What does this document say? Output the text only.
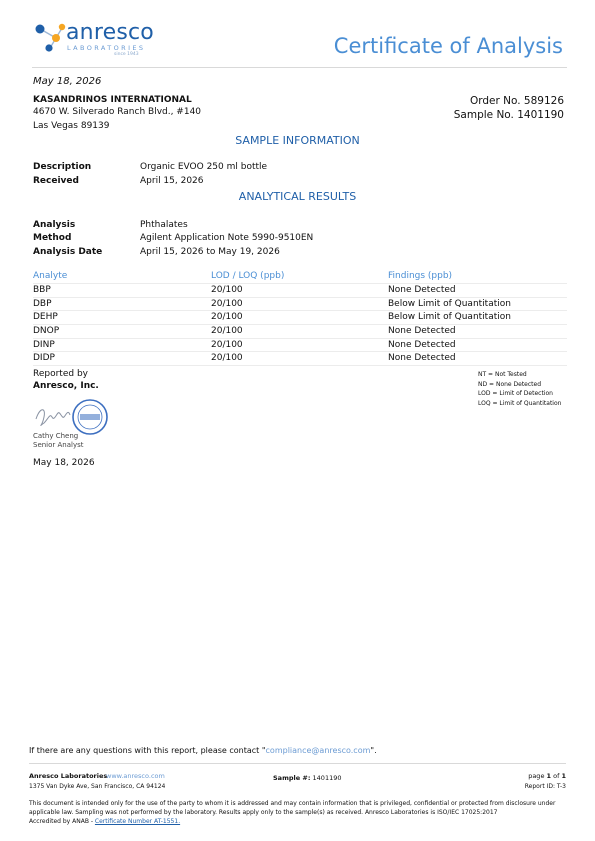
anresco
LABORATORIES
since 1943	Certificate of Analysis
May 18, 2026
KASANDRINOS INTERNATIONAL
4670 W. Silverado Ranch Blvd., #140
Las Vegas 89139
Order No. 589126
Sample No. 1401190
SAMPLE INFORMATION
Description	Organic EVOO 250 ml bottle
Received	April 15, 2026
ANALYTICAL RESULTS
Analysis	Phthalates
Method	Agilent Application Note 5990-9510EN
Analysis Date	April 15, 2026 to May 19, 2026
Analyte	LOD / LOQ (ppb)	Findings (ppb)
BBP	20/100	None Detected
DBP	20/100	Below Limit of Quantitation
DEHP	20/100	Below Limit of Quantitation
DNOP	20/100	None Detected
DINP	20/100	None Detected
DIDP	20/100	None Detected
Reported by
Anresco, Inc.
Cathy Cheng
Senior Analyst
May 18, 2026
NT = Not Tested
ND = None Detected
LOD = Limit of Detection
LOQ = Limit of Quantitation
If there are any questions with this report, please contact "compliance@anresco.com".
Anresco Laboratories
www.anresco.com
1375 Van Dyke Ave, San Francisco, CA 94124
Sample #: 1401190	page 1 of 1
Report ID: T-3
This document is intended only for the use of the party to whom it is addressed and may contain information that is privileged, confidential or protected from disclosure under applicable law. Sampling was not performed by the laboratory. Results apply only to the sample(s) as received. Anresco Laboratories is ISO/IEC 17025:2017
Accredited by ANAB - Certificate Number AT-1551.
